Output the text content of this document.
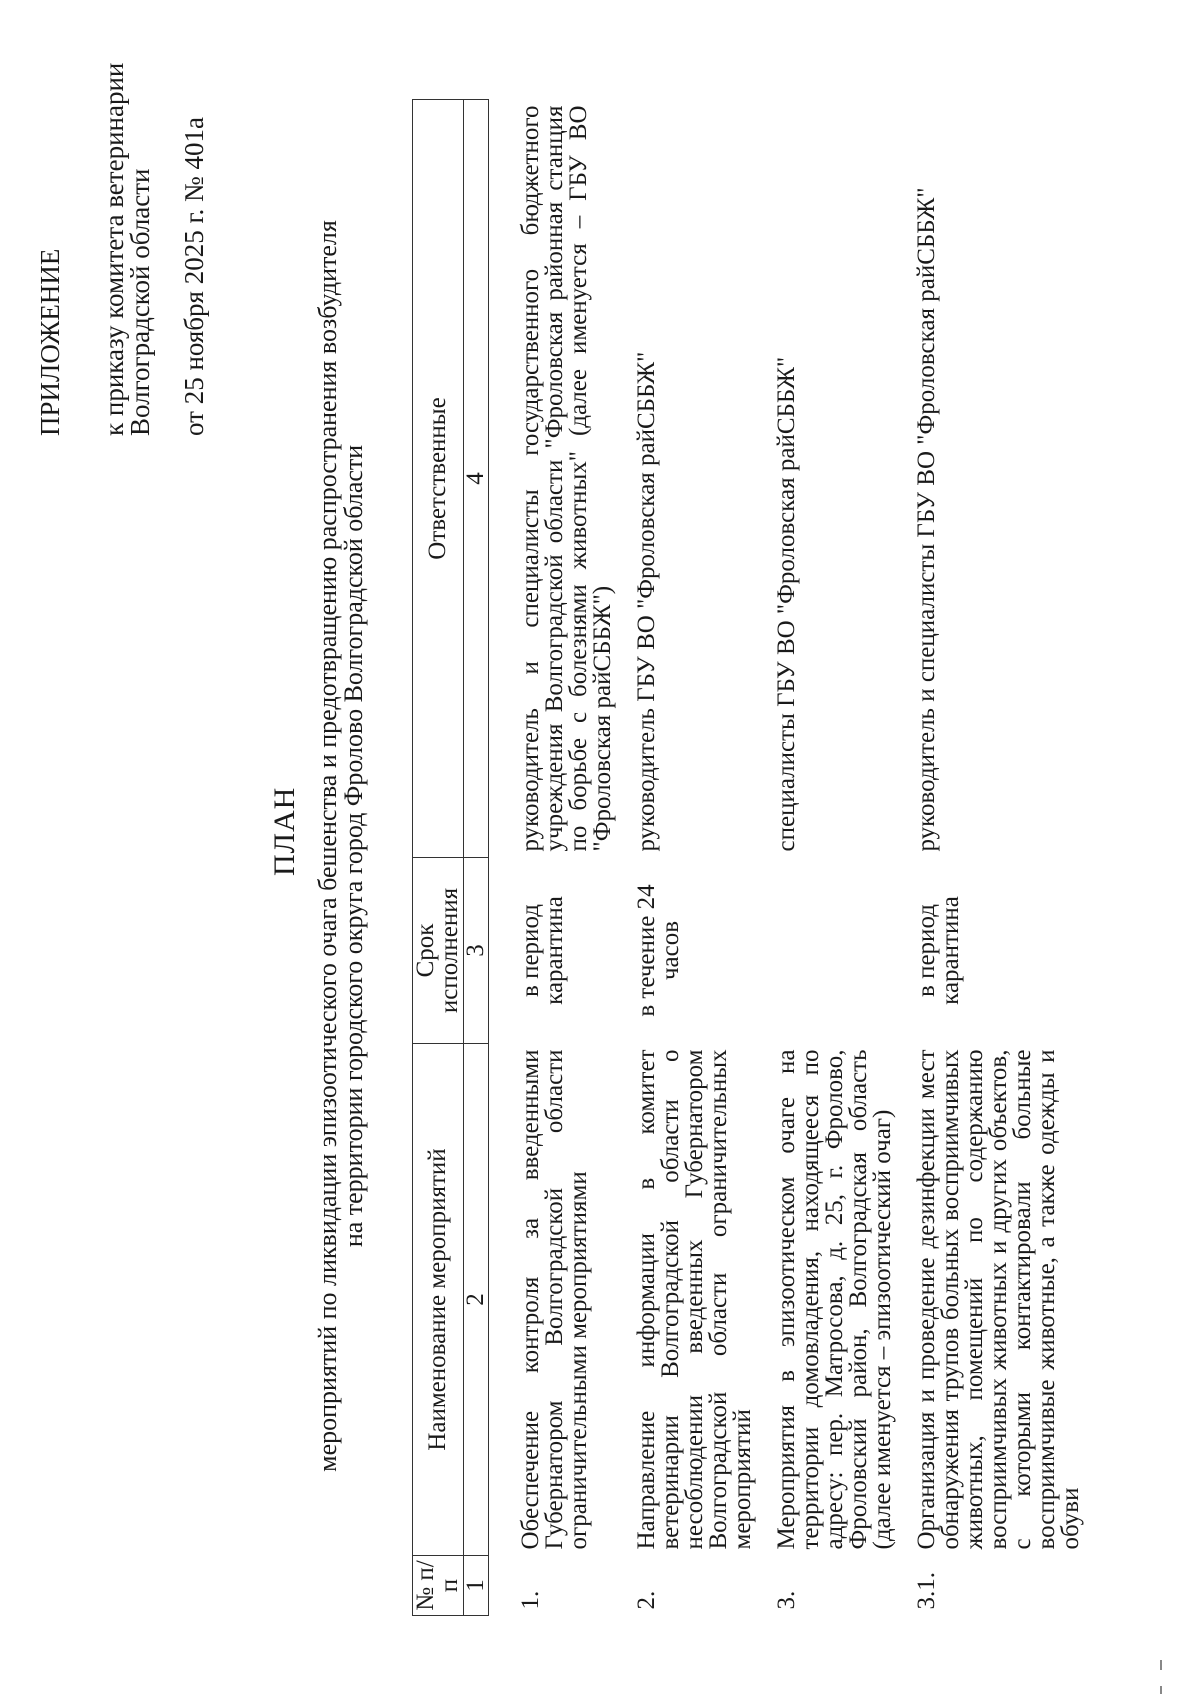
ПРИЛОЖЕНИЕ к приказу комитета ветеринарии
Волгоградской области от 25 ноября 2025 г. № 401а
ПЛАН мероприятий по ликвидации эпизоотического очага бешенства и предотвращению распространения возбудителя
на территории городского округа город Фролово Волгоградской области
№ п/п	Наименование мероприятий	Срок исполнения	Ответственные
1	2	3	4
1.	Обеспечение контроля за введенными Губернатором Волгоградской области ограничительными мероприятиями	в период карантина	руководитель и специалисты государственного бюджетного учреждения Волгоградской области "Фроловская районная станция по борьбе с болезнями животных" (далее именуется – ГБУ ВО "Фроловская райСББЖ")
2.	Направление информации в комитет ветеринарии Волгоградской области о несоблюдении введенных Губернатором Волгоградской области ограничительных мероприятий	в течение 24 часов	руководитель ГБУ ВО "Фроловская райСББЖ"
3.	Мероприятия в эпизоотическом очаге на территории домовладения, находящееся по адресу: пер. Матросова, д. 25, г. Фролово, Фроловский район, Волгоградская область (далее именуется – эпизоотический очаг)		специалисты ГБУ ВО "Фроловская райСББЖ"
3.1.	Организация и проведение дезинфекции мест обнаружения трупов больных восприимчивых животных, помещений по содержанию восприимчивых животных и других объектов, с которыми контактировали больные восприимчивые животные, а также одежды и обуви	в период карантина	руководитель и специалисты ГБУ ВО "Фроловская райСББЖ"
